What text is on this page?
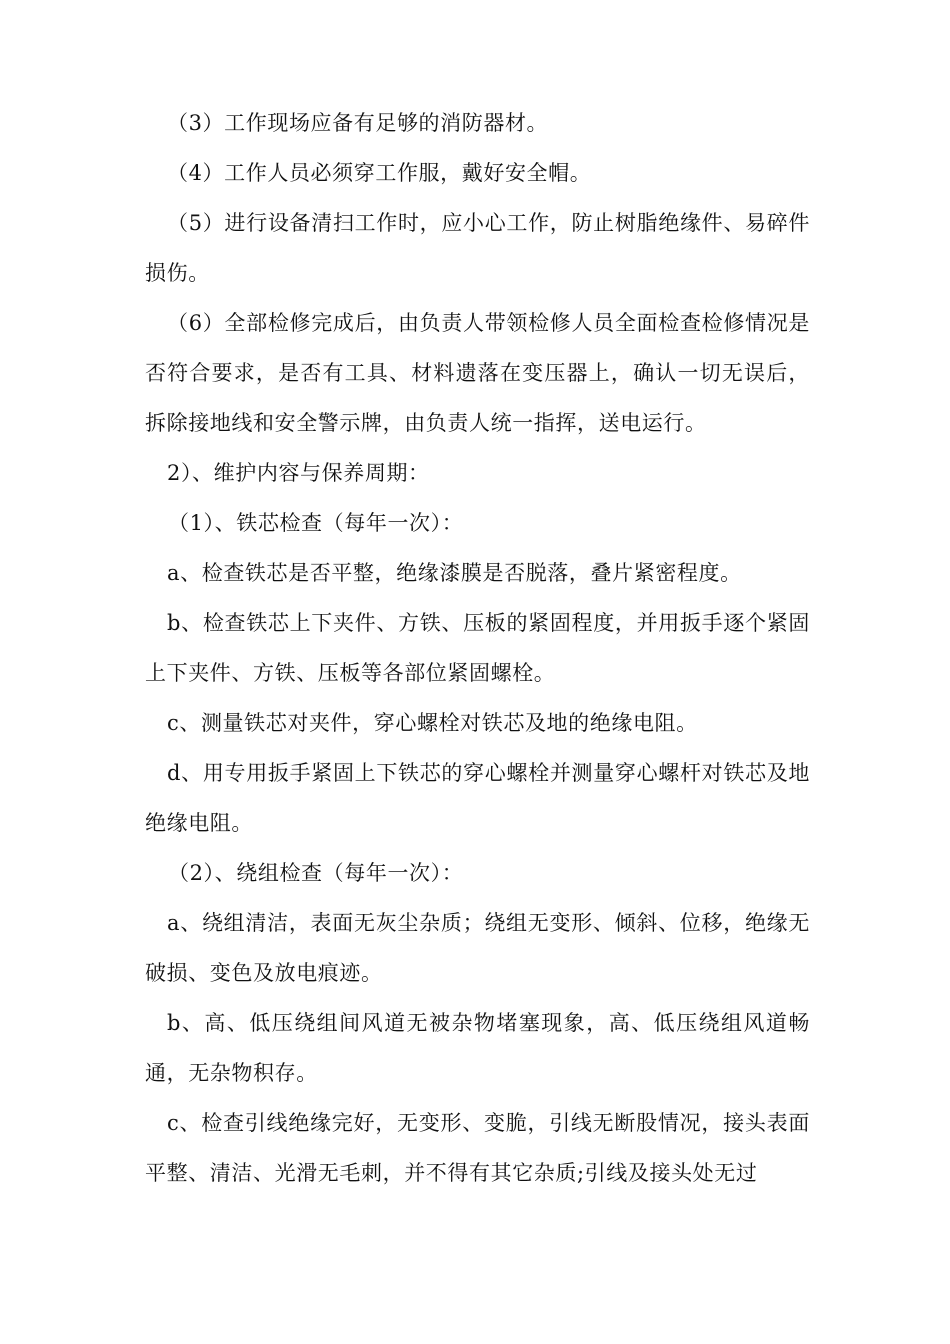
（3）工作现场应备有足够的消防器材。

（4）工作人员必须穿工作服，戴好安全帽。

（5）进行设备清扫工作时，应小心工作，防止树脂绝缘件、易碎件损伤。

（6）全部检修完成后，由负责人带领检修人员全面检查检修情况是否符合要求，是否有工具、材料遗落在变压器上，确认一切无误后，拆除接地线和安全警示牌，由负责人统一指挥，送电运行。

2）、维护内容与保养周期：

（1）、铁芯检查（每年一次）：

a、检查铁芯是否平整，绝缘漆膜是否脱落，叠片紧密程度。

b、检查铁芯上下夹件、方铁、压板的紧固程度，并用扳手逐个紧固上下夹件、方铁、压板等各部位紧固螺栓。

c、测量铁芯对夹件，穿心螺栓对铁芯及地的绝缘电阻。

d、用专用扳手紧固上下铁芯的穿心螺栓并测量穿心螺杆对铁芯及地绝缘电阻。

（2）、绕组检查（每年一次）：

a、绕组清洁，表面无灰尘杂质；绕组无变形、倾斜、位移，绝缘无破损、变色及放电痕迹。

b、高、低压绕组间风道无被杂物堵塞现象，高、低压绕组风道畅通，无杂物积存。

c、检查引线绝缘完好，无变形、变脆，引线无断股情况，接头表面平整、清洁、光滑无毛刺，并不得有其它杂质;引线及接头处无过
